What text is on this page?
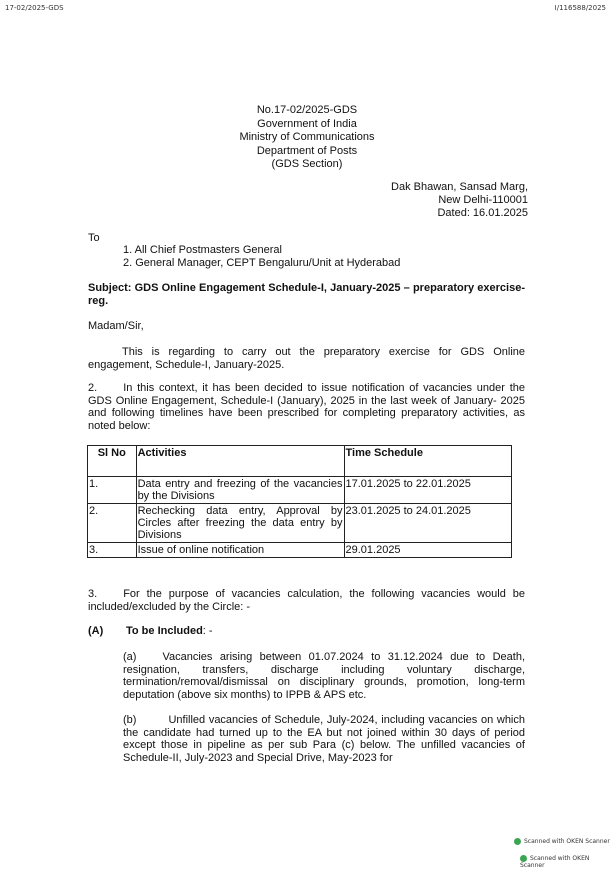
17-02/2025-GDS	I/116588/2025
No.17-02/2025-GDS
Government of India
Ministry of Communications
Department of Posts
(GDS Section)
Dak Bhawan, Sansad Marg,
New Delhi-110001
Dated: 16.01.2025
To
1. All Chief Postmasters General
2. General Manager, CEPT Bengaluru/Unit at Hyderabad
Subject: GDS Online Engagement Schedule-I, January-2025 – preparatory exercise-reg.
Madam/Sir,
This is regarding to carry out the preparatory exercise for GDS Online engagement, Schedule-I, January-2025.
2. In this context, it has been decided to issue notification of vacancies under the GDS Online Engagement, Schedule-I (January), 2025 in the last week of January- 2025 and following timelines have been prescribed for completing preparatory activities, as noted below:
Sl No	Activities	Time Schedule
1.	Data entry and freezing of the vacancies by the Divisions	17.01.2025 to 22.01.2025
2.	Rechecking data entry, Approval by Circles after freezing the data entry by Divisions	23.01.2025 to 24.01.2025
3.	Issue of online notification	29.01.2025
3. For the purpose of vacancies calculation, the following vacancies would be included/excluded by the Circle: -
(A) To be Included: -
(a) Vacancies arising between 01.07.2024 to 31.12.2024 due to Death, resignation, transfers, discharge including voluntary discharge, termination/removal/dismissal on disciplinary grounds, promotion, long-term deputation (above six months) to IPPB & APS etc.
(b)	Unfilled vacancies of Schedule, July-2024, including vacancies on which the candidate had turned up to the EA but not joined within 30 days of period except those in pipeline as per sub Para (c) below. The unfilled vacancies of Schedule-II, July-2023 and Special Drive, May-2023 for
Scanned with OKEN Scanner
Scanned with OKEN Scanner
